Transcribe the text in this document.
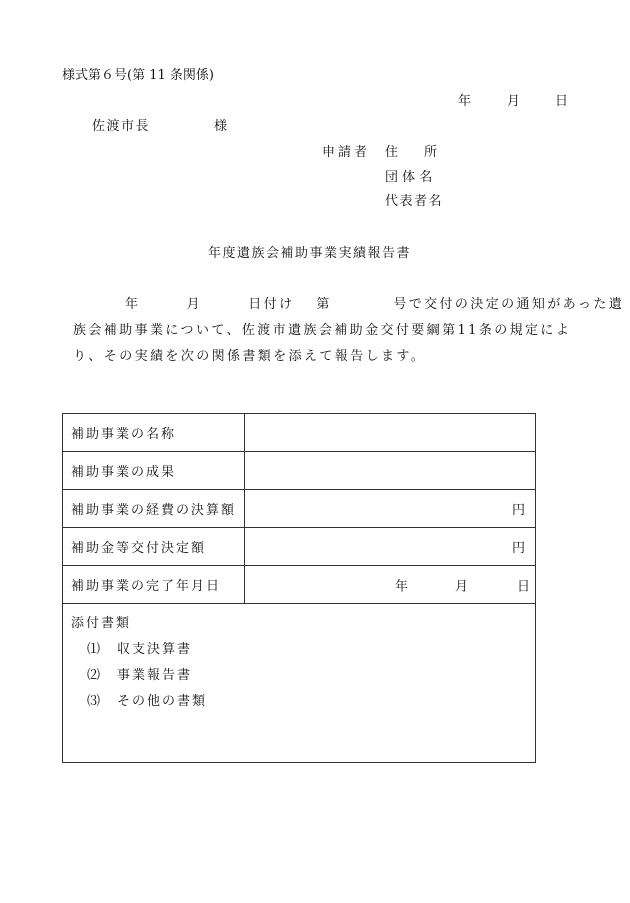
様式第６号(第 11 条関係)
年	月	日
佐渡市長	様
申請者 住　　所
団 体 名
代表者名
年度遺族会補助事業実績報告書

年　　　月　　　日付け　 第　　　　号で交付の決定の通知があった遺

族会補助事業について、佐渡市遺族会補助金交付要綱第11条の規定によ

り、その実績を次の関係書類を添えて報告します。

補助事業の名称	
補助事業の成果	
補助事業の経費の決算額	円
補助金等交付決定額	円
補助事業の完了年月日	年 月 日

添付書類
⑴ 収支決算書
⑵ 事業報告書
⑶ その他の書類	
